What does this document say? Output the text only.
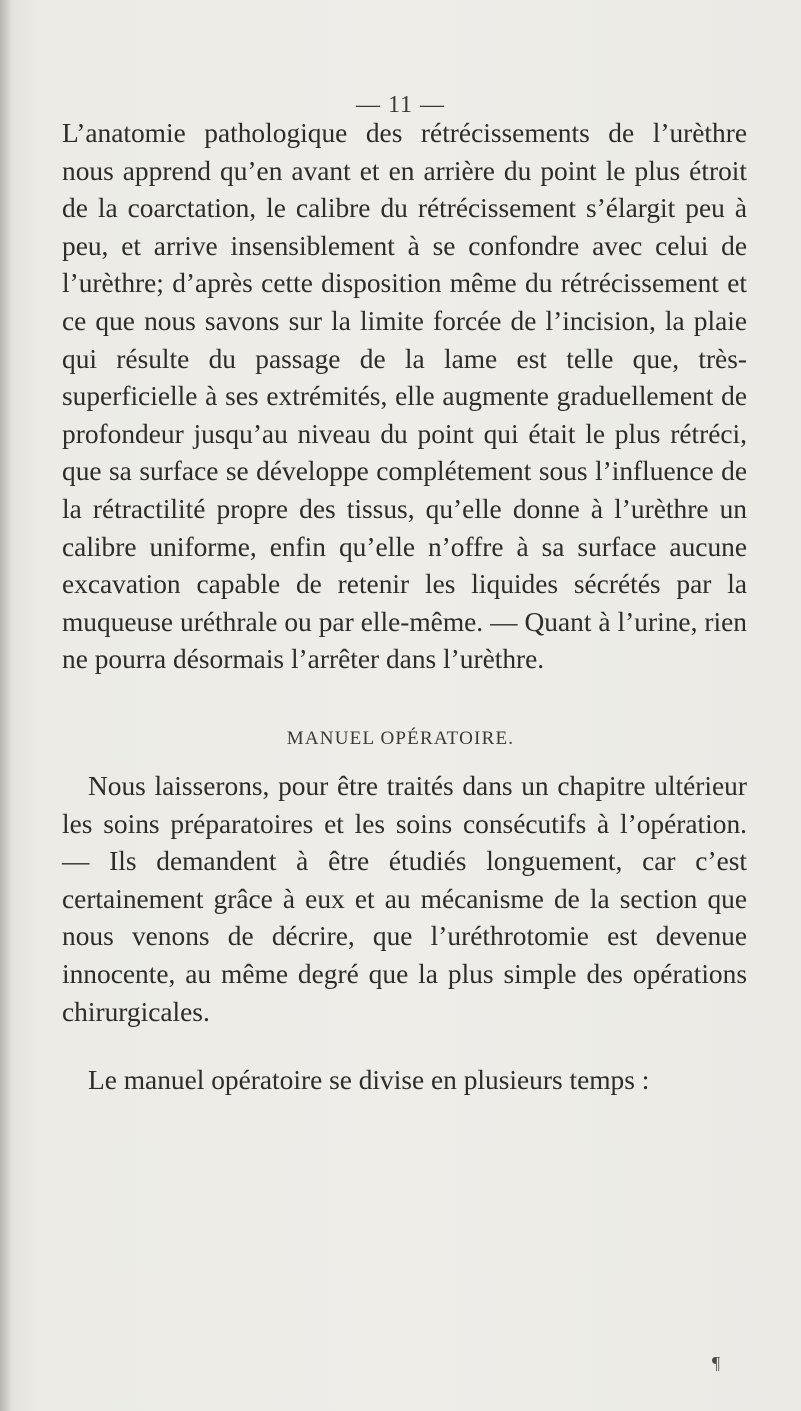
— 11 —

L’anatomie pathologique des rétrécissements de l’urèthre nous apprend qu’en avant et en arrière du point le plus étroit de la coarctation, le calibre du rétrécissement s’élargit peu à peu, et arrive insensiblement à se confondre avec celui de l’urèthre; d’après cette disposition même du rétrécissement et ce que nous savons sur la limite forcée de l’incision, la plaie qui résulte du passage de la lame est telle que, très-superficielle à ses extrémités, elle augmente graduellement de profondeur jusqu’au niveau du point qui était le plus rétréci, que sa surface se développe complétement sous l’influence de la rétractilité propre des tissus, qu’elle donne à l’urèthre un calibre uniforme, enfin qu’elle n’offre à sa surface aucune excavation capable de retenir les liquides sécrétés par la muqueuse uréthrale ou par elle-même. — Quant à l’urine, rien ne pourra désormais l’arrêter dans l’urèthre.

MANUEL OPÉRATOIRE.

Nous laisserons, pour être traités dans un chapitre ultérieur les soins préparatoires et les soins consécutifs à l’opération. — Ils demandent à être étudiés longuement, car c’est certainement grâce à eux et au mécanisme de la section que nous venons de décrire, que l’uréthrotomie est devenue innocente, au même degré que la plus simple des opérations chirurgicales.

Le manuel opératoire se divise en plusieurs temps :

¶
